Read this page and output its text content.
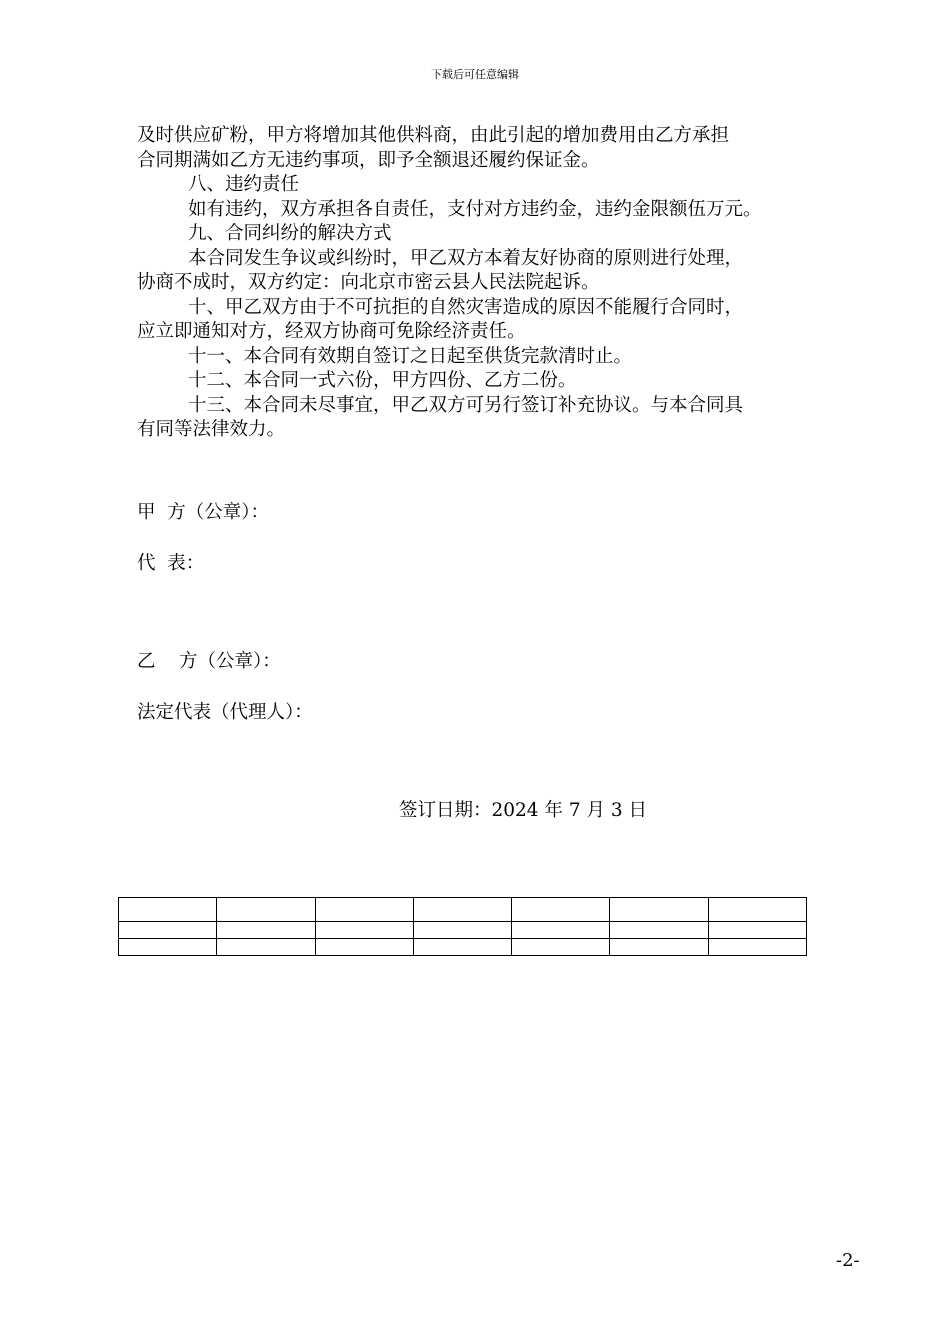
下载后可任意编辑

及时供应矿粉，甲方将增加其他供料商，由此引起的增加费用由乙方承担

合同期满如乙方无违约事项，即予全额退还履约保证金。

八、违约责任

如有违约，双方承担各自责任，支付对方违约金，违约金限额伍万元。

九、合同纠纷的解决方式

本合同发生争议或纠纷时，甲乙双方本着友好协商的原则进行处理，

协商不成时，双方约定：向北京市密云县人民法院起诉。

十、甲乙双方由于不可抗拒的自然灾害造成的原因不能履行合同时，

应立即通知对方，经双方协商可免除经济责任。

十一、本合同有效期自签订之日起至供货完款清时止。

十二、本合同一式六份，甲方四份、乙方二份。

十三、本合同未尽事宜，甲乙双方可另行签订补充协议。与本合同具

有同等法律效力。

甲  方（公章）：
代  表：
乙    方（公章）：
法定代表（代理人）：
签订日期：2024 年 7 月 3 日

-2-
